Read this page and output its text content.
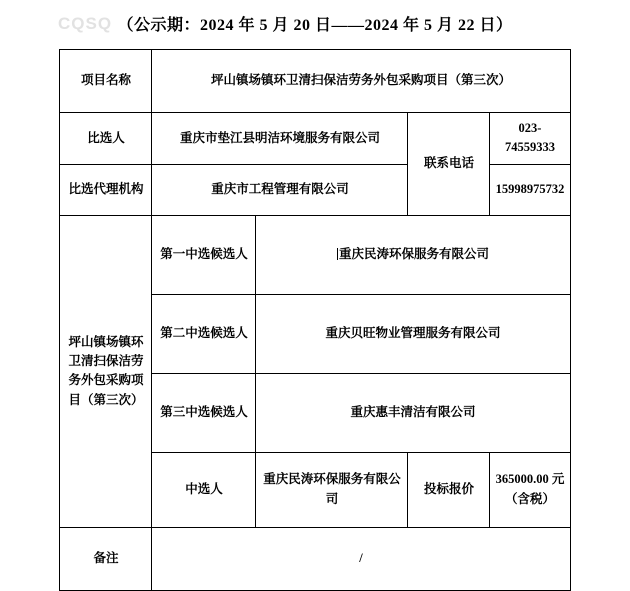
CQSQ （公示期：2024 年 5 月 20 日——2024 年 5 月 22 日）
项目名称	坪山镇场镇环卫清扫保洁劳务外包采购项目（第三次）			
比选人	重庆市垫江县明洁环境服务有限公司		联系电话	023-74559333
比选代理机构	重庆市工程管理有限公司			15998975732
坪山镇场镇环卫清扫保洁劳务外包采购项目（第三次）	第一中选候选人	重庆民涛环保服务有限公司		
	第二中选候选人	重庆贝旺物业管理服务有限公司		
	第三中选候选人	重庆惠丰清洁有限公司		
	中选人	重庆民涛环保服务有限公司	投标报价	365000.00 元（含税）
备注	/			
